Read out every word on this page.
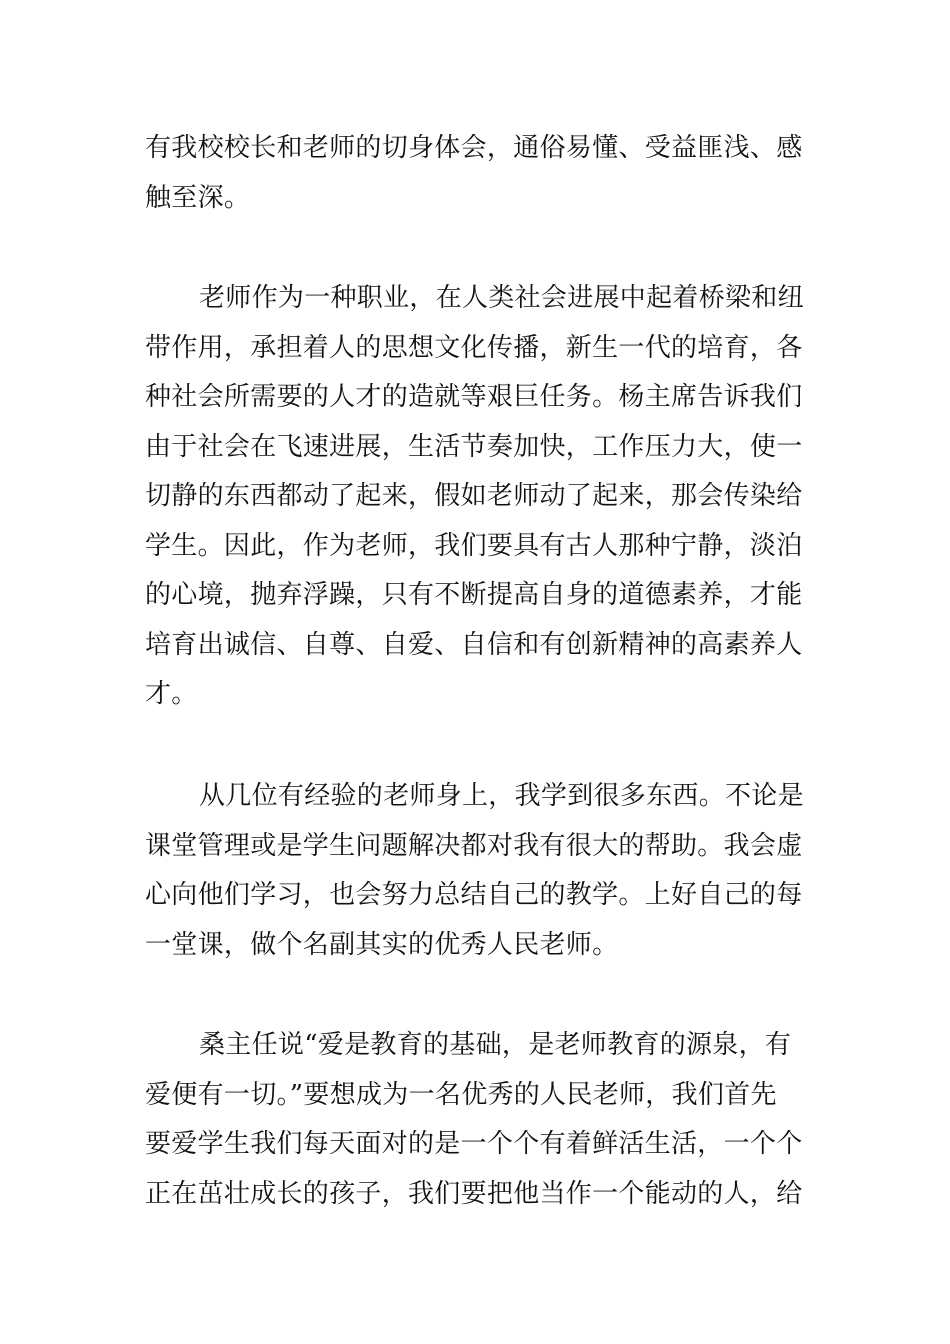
有我校校长和老师的切身体会，通俗易懂、受益匪浅、感
触至深。
老师作为一种职业，在人类社会进展中起着桥梁和纽
带作用，承担着人的思想文化传播，新生一代的培育，各
种社会所需要的人才的造就等艰巨任务。杨主席告诉我们
由于社会在飞速进展，生活节奏加快，工作压力大，使一
切静的东西都动了起来，假如老师动了起来，那会传染给
学生。因此，作为老师，我们要具有古人那种宁静，淡泊
的心境，抛弃浮躁，只有不断提高自身的道德素养，才能
培育出诚信、自尊、自爱、自信和有创新精神的高素养人
才。
从几位有经验的老师身上，我学到很多东西。不论是
课堂管理或是学生问题解决都对我有很大的帮助。我会虚
心向他们学习，也会努力总结自己的教学。上好自己的每
一堂课，做个名副其实的优秀人民老师。
桑主任说“爱是教育的基础，是老师教育的源泉，有
爱便有一切。”要想成为一名优秀的人民老师，我们首先
要爱学生我们每天面对的是一个个有着鲜活生活，一个个
正在茁壮成长的孩子，我们要把他当作一个能动的人，给
